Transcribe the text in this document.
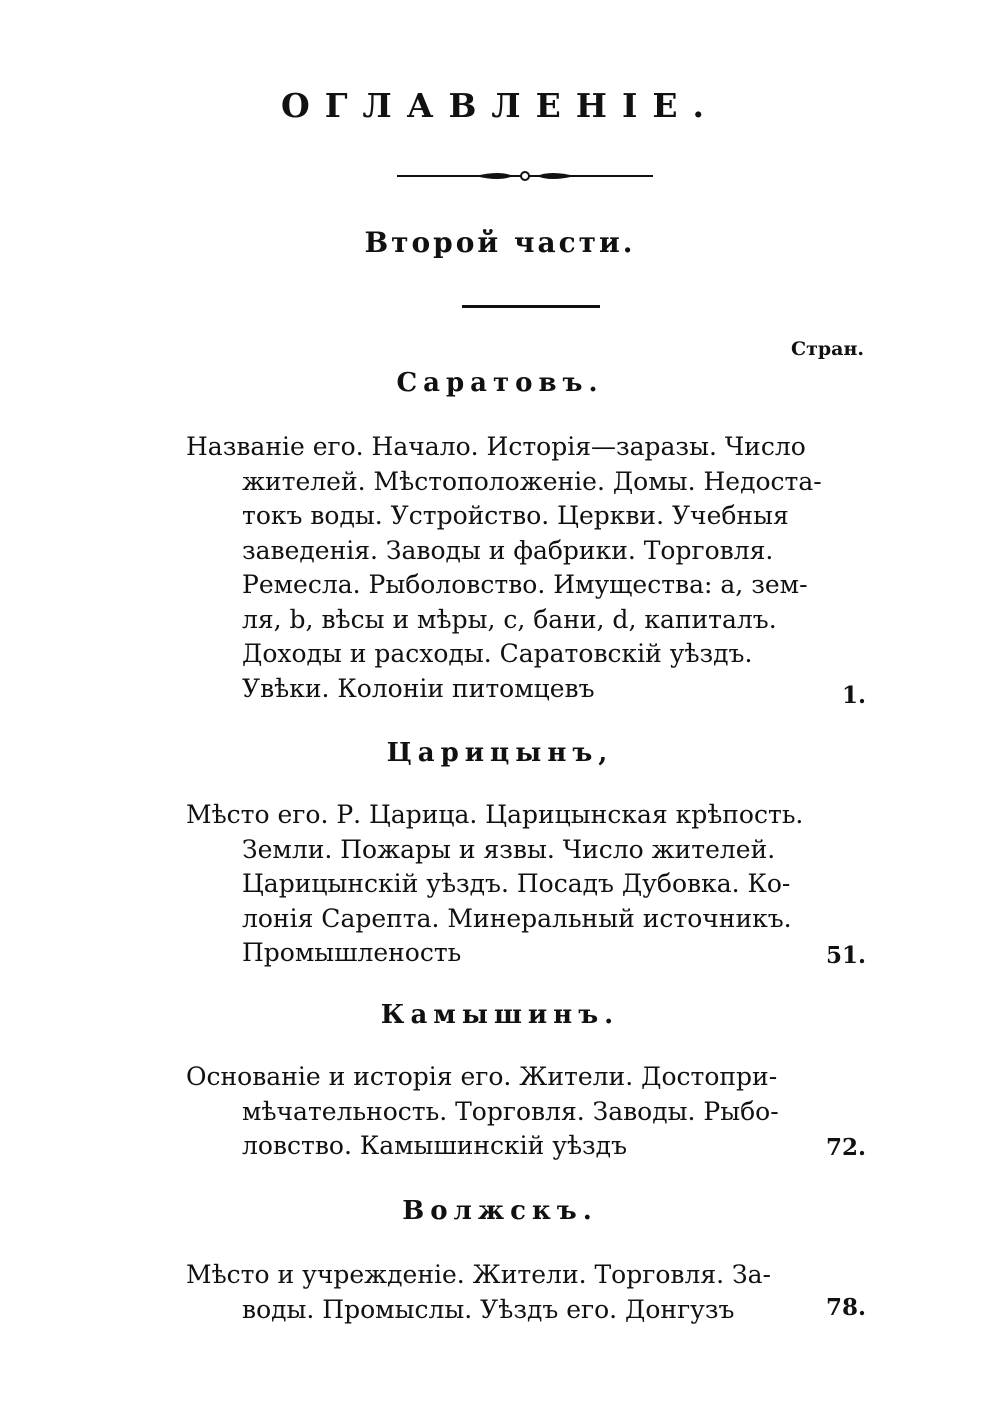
ОГЛАВЛЕНІЕ.
Второй части.
Стран.
Саратовъ.
Названіе его. Начало. Исторія—заразы. Число
жителей. Мѣстоположеніе. Домы. Недоста-
токъ воды. Устройство. Церкви. Учебныя
заведенія. Заводы и фабрики. Торговля.
Ремесла. Рыболовство. Имущества: a, зем-
ля, b, вѣсы и мѣры, c, бани, d, капиталъ.
Доходы и расходы. Саратовскій уѣздъ.
Увѣки. Колоніи питомцевъ	1.
Царицынъ,
Мѣсто его. Р. Царица. Царицынская крѣпость.
Земли. Пожары и язвы. Число жителей.
Царицынскій уѣздъ. Посадъ Дубовка. Ко-
лонія Сарепта. Минеральный источникъ.
Промышленость	51.
Камышинъ.
Основаніе и исторія его. Жители. Достопри-
мѣчательность. Торговля. Заводы. Рыбо-
ловство. Камышинскій уѣздъ	72.
Волжскъ.
Мѣсто и учрежденіе. Жители. Торговля. За-
воды. Промыслы. Уѣздъ его. Донгузъ	78.
